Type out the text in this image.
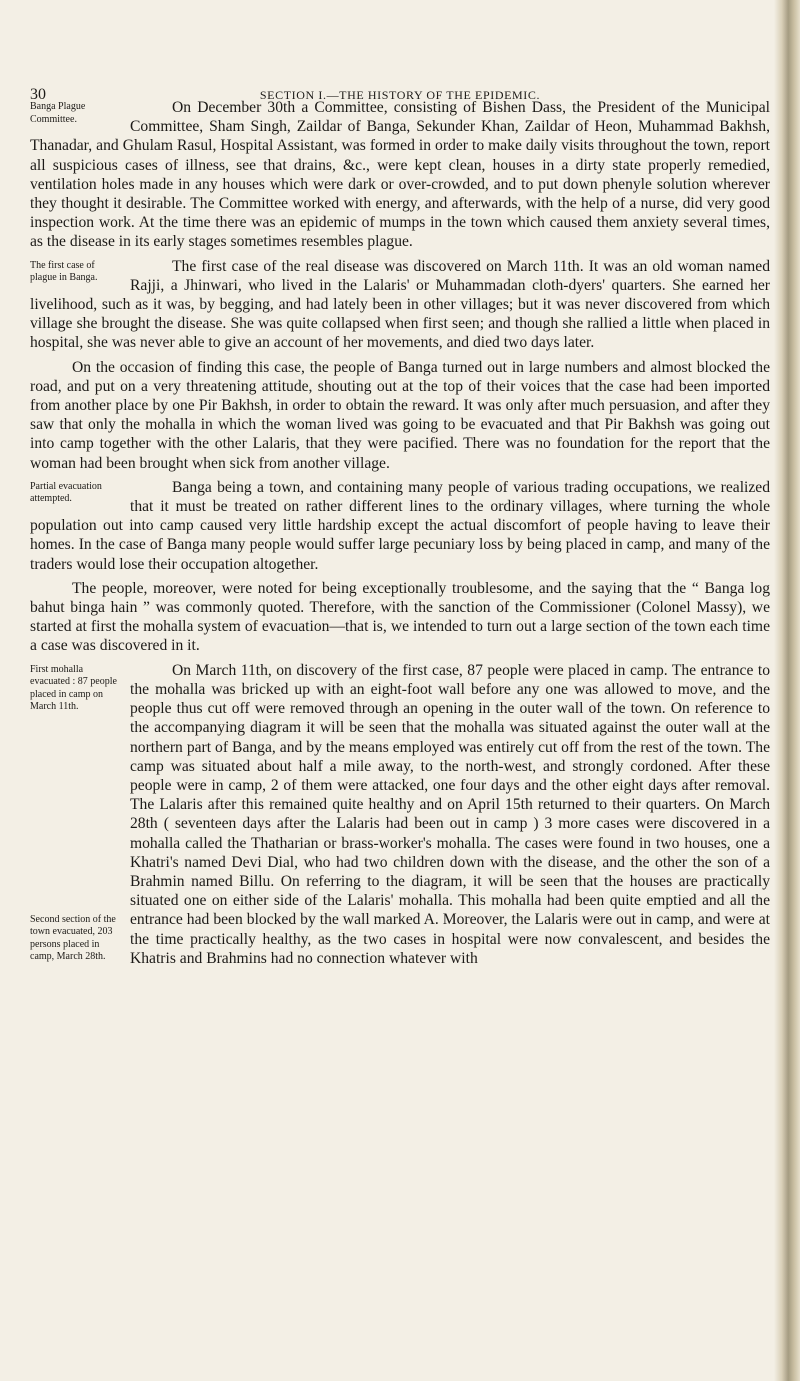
30	SECTION I.—THE HISTORY OF THE EPIDEMIC.

Banga Plague Committee.
On December 30th a Committee, consisting of Bishen Dass, the President of the Municipal Committee, Sham Singh, Zaildar of Banga, Sekunder Khan, Zaildar of Heon, Muhammad Bakhsh, Thanadar, and Ghulam Rasul, Hospital Assistant, was formed in order to make daily visits throughout the town, report all suspicious cases of illness, see that drains, &c., were kept clean, houses in a dirty state properly remedied, ventilation holes made in any houses which were dark or over-crowded, and to put down phenyle solution wherever they thought it desirable. The Committee worked with energy, and afterwards, with the help of a nurse, did very good inspection work. At the time there was an epidemic of mumps in the town which caused them anxiety several times, as the disease in its early stages sometimes resembles plague.

The first case of plague in Banga.
The first case of the real disease was discovered on March 11th. It was an old woman named Rajji, a Jhinwari, who lived in the Lalaris' or Muhammadan cloth-dyers' quarters. She earned her livelihood, such as it was, by begging, and had lately been in other villages; but it was never discovered from which village she brought the disease. She was quite collapsed when first seen; and though she rallied a little when placed in hospital, she was never able to give an account of her movements, and died two days later.

On the occasion of finding this case, the people of Banga turned out in large numbers and almost blocked the road, and put on a very threatening attitude, shouting out at the top of their voices that the case had been imported from another place by one Pir Bakhsh, in order to obtain the reward. It was only after much persuasion, and after they saw that only the mohalla in which the woman lived was going to be evacuated and that Pir Bakhsh was going out into camp together with the other Lalaris, that they were pacified. There was no foundation for the report that the woman had been brought when sick from another village.

Partial evacuation attempted.
Banga being a town, and containing many people of various trading occupations, we realized that it must be treated on rather different lines to the ordinary villages, where turning the whole population out into camp caused very little hardship except the actual discomfort of people having to leave their homes. In the case of Banga many people would suffer large pecuniary loss by being placed in camp, and many of the traders would lose their occupation altogether.

The people, moreover, were noted for being exceptionally troublesome, and the saying that the “ Banga log bahut binga hain ” was commonly quoted. Therefore, with the sanction of the Commissioner (Colonel Massy), we started at first the mohalla system of evacuation—that is, we intended to turn out a large section of the town each time a case was discovered in it.

First mohalla evacuated : 87 people placed in camp on March 11th.
Second section of the town evacuated, 203 persons placed in camp, March 28th.
On March 11th, on discovery of the first case, 87 people were placed in camp. The entrance to the mohalla was bricked up with an eight-foot wall before any one was allowed to move, and the people thus cut off were removed through an opening in the outer wall of the town. On reference to the accompanying diagram it will be seen that the mohalla was situated against the outer wall at the northern part of Banga, and by the means employed was entirely cut off from the rest of the town. The camp was situated about half a mile away, to the north-west, and strongly cordoned. After these people were in camp, 2 of them were attacked, one four days and the other eight days after removal. The Lalaris after this remained quite healthy and on April 15th returned to their quarters. On March 28th ( seventeen days after the Lalaris had been out in camp ) 3 more cases were discovered in a mohalla called the Thatharian or brass-worker's mohalla. The cases were found in two houses, one a Khatri's named Devi Dial, who had two children down with the disease, and the other the son of a Brahmin named Billu. On referring to the diagram, it will be seen that the houses are practically situated one on either side of the Lalaris' mohalla. This mohalla had been quite emptied and all the entrance had been blocked by the wall marked A. Moreover, the Lalaris were out in camp, and were at the time practically healthy, as the two cases in hospital were now convalescent, and besides the Khatris and Brahmins had no connection whatever with
